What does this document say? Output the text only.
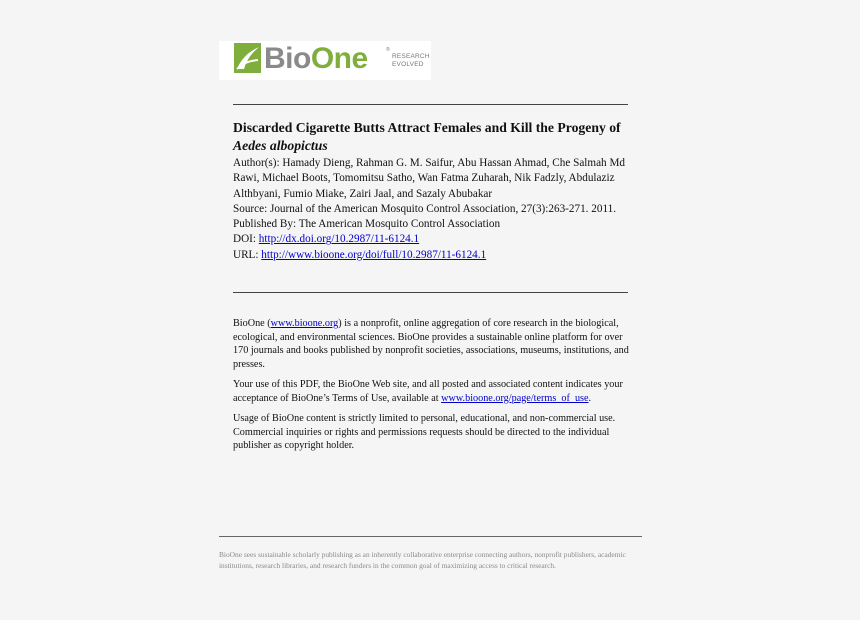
BioOne	®
RESEARCH
EVOLVED
Discarded Cigarette Butts Attract Females and Kill the Progeny of Aedes albopictus
Author(s): Hamady Dieng, Rahman G. M. Saifur, Abu Hassan Ahmad, Che Salmah Md Rawi, Michael Boots, Tomomitsu Satho, Wan Fatma Zuharah, Nik Fadzly, Abdulaziz Althbyani, Fumio Miake, Zairi Jaal, and Sazaly Abubakar
Source: Journal of the American Mosquito Control Association, 27(3):263-271. 2011.
Published By: The American Mosquito Control Association
DOI: http://dx.doi.org/10.2987/11-6124.1
URL: http://www.bioone.org/doi/full/10.2987/11-6124.1

BioOne (www.bioone.org) is a nonprofit, online aggregation of core research in the biological, ecological, and environmental sciences. BioOne provides a sustainable online platform for over 170 journals and books published by nonprofit societies, associations, museums, institutions, and presses.

Your use of this PDF, the BioOne Web site, and all posted and associated content indicates your acceptance of BioOne’s Terms of Use, available at www.bioone.org/page/terms_of_use.

Usage of BioOne content is strictly limited to personal, educational, and non-commercial use. Commercial inquiries or rights and permissions requests should be directed to the individual publisher as copyright holder.

BioOne sees sustainable scholarly publishing as an inherently collaborative enterprise connecting authors, nonprofit publishers, academic institutions, research libraries, and research funders in the common goal of maximizing access to critical research.
